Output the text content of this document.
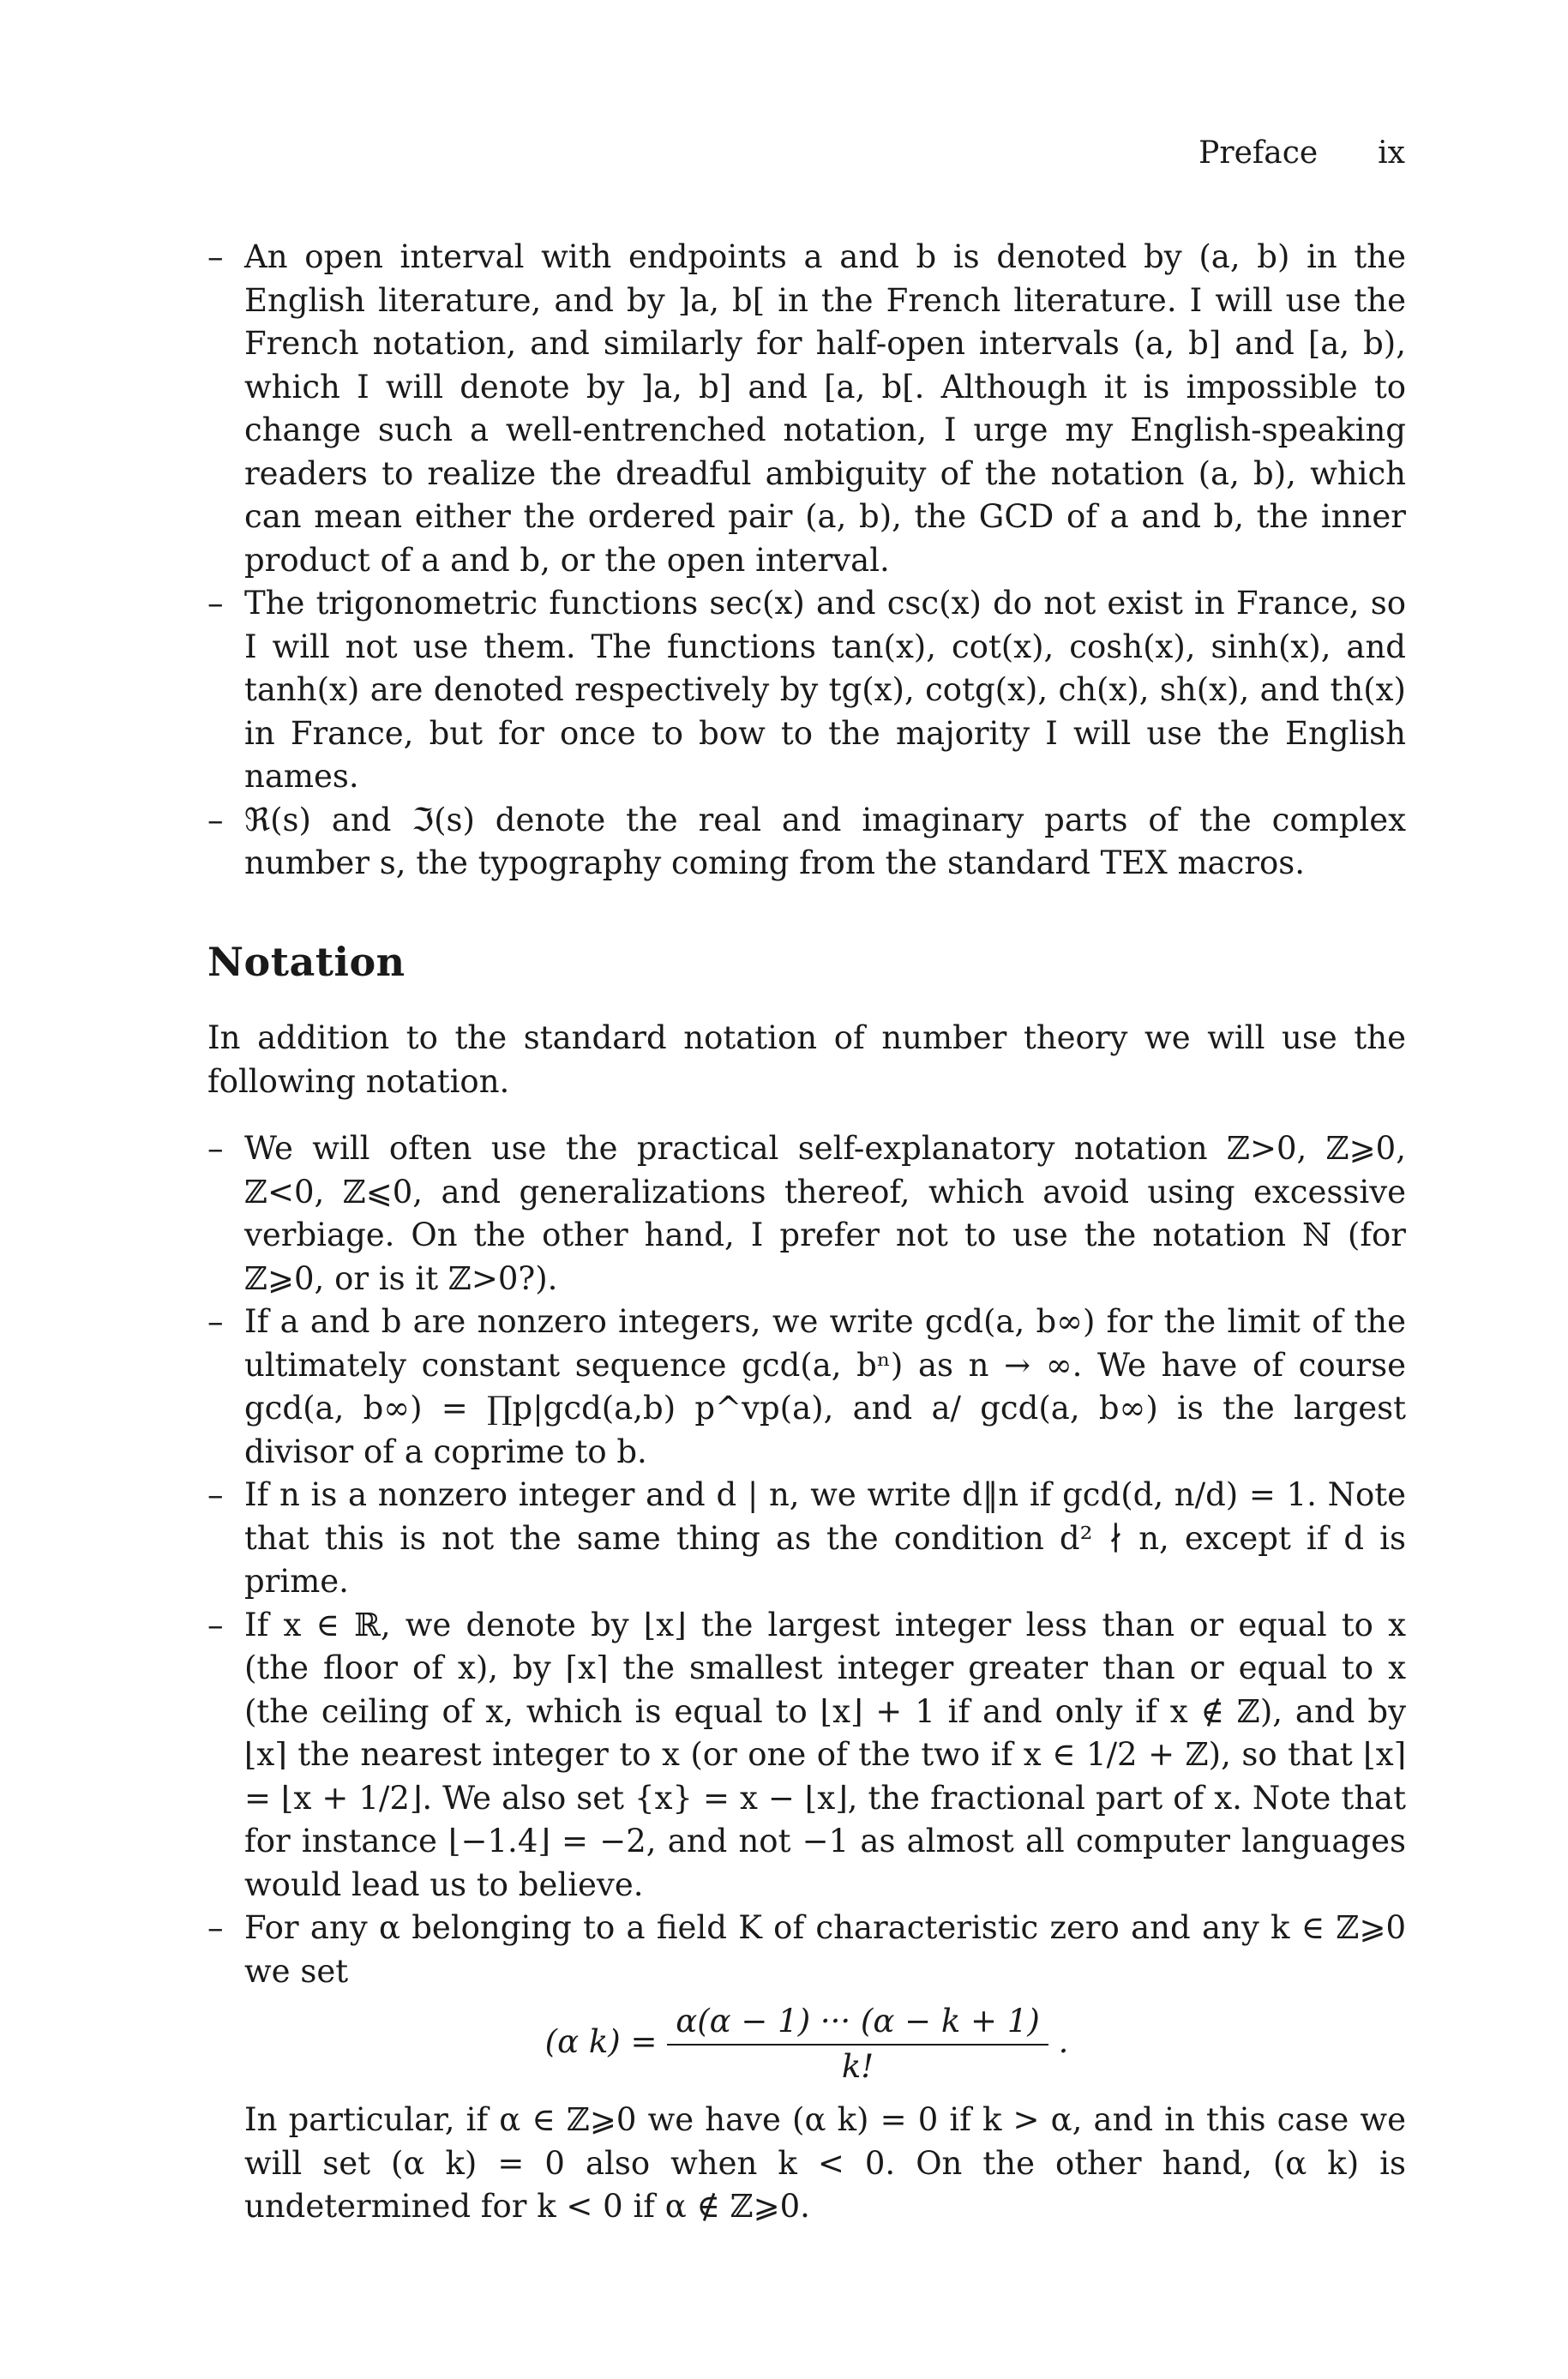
Preface ix
– An open interval with endpoints a and b is denoted by (a, b) in the English literature, and by ]a, b[ in the French literature. I will use the French notation, and similarly for half-open intervals (a, b] and [a, b), which I will denote by ]a, b] and [a, b[. Although it is impossible to change such a well-entrenched notation, I urge my English-speaking readers to realize the dreadful ambiguity of the notation (a, b), which can mean either the ordered pair (a, b), the GCD of a and b, the inner product of a and b, or the open interval.
– The trigonometric functions sec(x) and csc(x) do not exist in France, so I will not use them. The functions tan(x), cot(x), cosh(x), sinh(x), and tanh(x) are denoted respectively by tg(x), cotg(x), ch(x), sh(x), and th(x) in France, but for once to bow to the majority I will use the English names.
– ℜ(s) and ℑ(s) denote the real and imaginary parts of the complex number s, the typography coming from the standard TEX macros.
Notation
In addition to the standard notation of number theory we will use the following notation.
– We will often use the practical self-explanatory notation ℤ>0, ℤ⩾0, ℤ<0, ℤ⩽0, and generalizations thereof, which avoid using excessive verbiage. On the other hand, I prefer not to use the notation ℕ (for ℤ⩾0, or is it ℤ>0?).
– If a and b are nonzero integers, we write gcd(a, b∞) for the limit of the ultimately constant sequence gcd(a, bⁿ) as n → ∞. We have of course gcd(a, b∞) = ∏p|gcd(a,b) p^vp(a), and a/ gcd(a, b∞) is the largest divisor of a coprime to b.
– If n is a nonzero integer and d | n, we write d‖n if gcd(d, n/d) = 1. Note that this is not the same thing as the condition d² ∤ n, except if d is prime.
– If x ∈ ℝ, we denote by ⌊x⌋ the largest integer less than or equal to x (the floor of x), by ⌈x⌉ the smallest integer greater than or equal to x (the ceiling of x, which is equal to ⌊x⌋ + 1 if and only if x ∉ ℤ), and by ⌊x⌉ the nearest integer to x (or one of the two if x ∈ 1/2 + ℤ), so that ⌊x⌉ = ⌊x + 1/2⌋. We also set {x} = x − ⌊x⌋, the fractional part of x. Note that for instance ⌊−1.4⌋ = −2, and not −1 as almost all computer languages would lead us to believe.
– For any α belonging to a field K of characteristic zero and any k ∈ ℤ⩾0 we set
(α $k) = \frac{\alpha(\alpha - 1) \cdot\cdot\cdot (\alpha - k + 1)}{k!}$ .
In particular, if α ∈ ℤ⩾0 we have (α k) = 0 if k > α, and in this case we will set (α k) = 0 also when k < 0. On the other hand, (α k) is undetermined for k < 0 if α ∉ ℤ⩾0.
